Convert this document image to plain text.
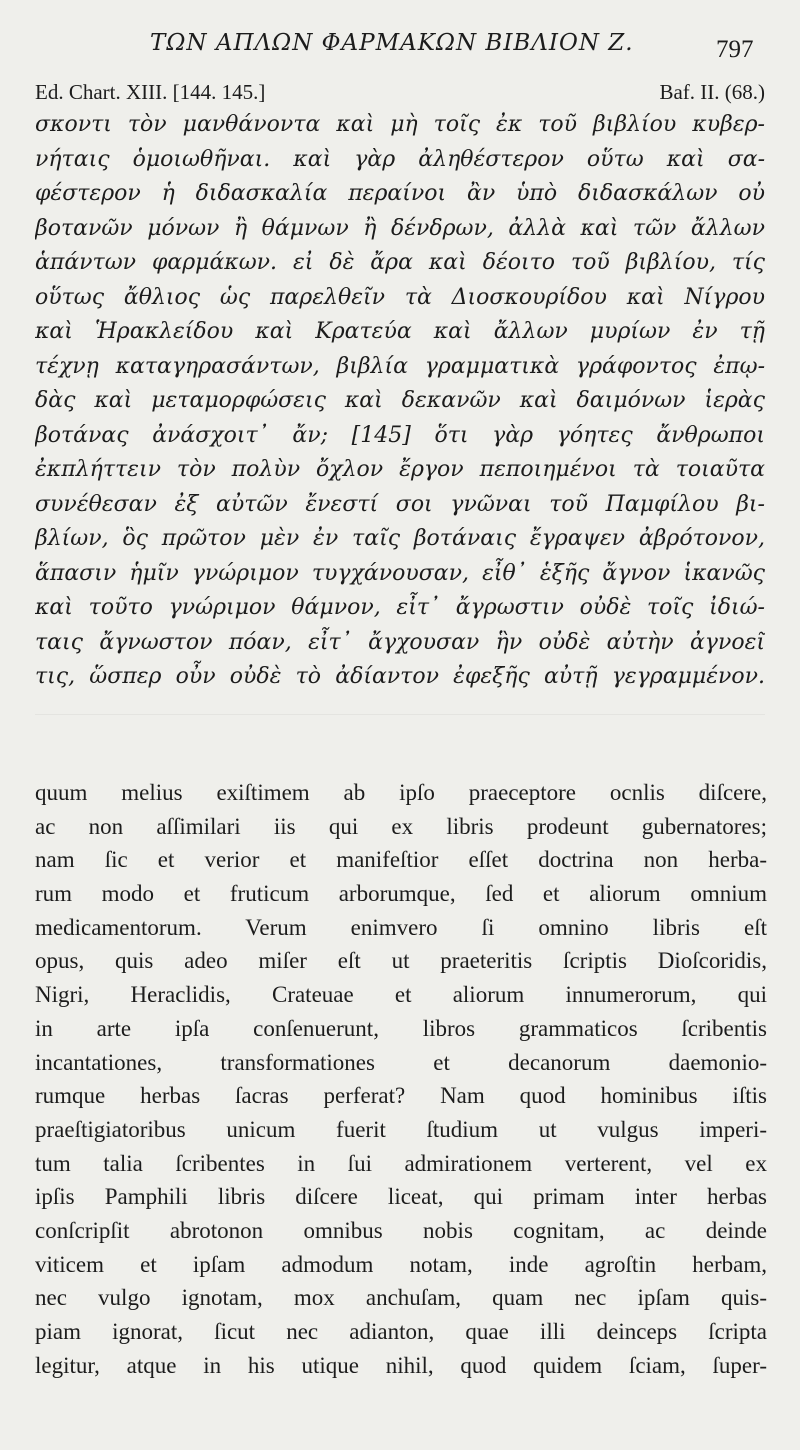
ΤΩΝ ΑΠΛΩΝ ΦΑΡΜΑΚΩΝ ΒΙΒΛΙΟΝ Ζ.	797
Ed. Chart. XIII. [144. 145.]	Baf. II. (68.)
σκοντι τὸν μανθάνοντα καὶ μὴ τοῖς ἐκ τοῦ βιβλίου κυβερ-
νήταις ὁμοιωθῆναι. καὶ γὰρ ἀληθέστερον οὕτω καὶ σα-
φέστερον ἡ διδασκαλία περαίνοι ἂν ὑπὸ διδασκάλων οὐ
βοτανῶν μόνων ἢ θάμνων ἢ δένδρων, ἀλλὰ καὶ τῶν ἄλλων
ἁπάντων φαρμάκων. εἰ δὲ ἄρα καὶ δέοιτο τοῦ βιβλίου, τίς
οὕτως ἄθλιος ὡς παρελθεῖν τὰ Διοσκουρίδου καὶ Νίγρου
καὶ Ἡρακλείδου καὶ Κρατεύα καὶ ἄλλων μυρίων ἐν τῇ
τέχνῃ καταγηρασάντων, βιβλία γραμματικὰ γράφοντος ἐπῳ-
δὰς καὶ μεταμορφώσεις καὶ δεκανῶν καὶ δαιμόνων ἱερὰς
βοτάνας ἀνάσχοιτ᾽ ἄν; [145] ὅτι γὰρ γόητες ἄνθρωποι
ἐκπλήττειν τὸν πολὺν ὄχλον ἔργον πεποιημένοι τὰ τοιαῦτα
συνέθεσαν ἐξ αὐτῶν ἔνεστί σοι γνῶναι τοῦ Παμφίλου βι-
βλίων, ὃς πρῶτον μὲν ἐν ταῖς βοτάναις ἔγραψεν ἀβρότονον,
ἅπασιν ἡμῖν γνώριμον τυγχάνουσαν, εἶθ᾽ ἑξῆς ἄγνον ἱκανῶς
καὶ τοῦτο γνώριμον θάμνον, εἶτ᾽ ἄγρωστιν οὐδὲ τοῖς ἰδιώ-
ταις ἄγνωστον πόαν, εἶτ᾽ ἄγχουσαν ἣν οὐδὲ αὐτὴν ἀγνοεῖ
τις, ὥσπερ οὖν οὐδὲ τὸ ἀδίαντον ἐφεξῆς αὐτῇ γεγραμμένον.
quum melius exiſtimem ab ipſo praeceptore ocnlis diſcere,
ac non aſſimilari iis qui ex libris prodeunt gubernatores;
nam ſic et verior et manifeſtior eſſet doctrina non herba-
rum modo et fruticum arborumque, ſed et aliorum omnium
medicamentorum. Verum enimvero ſi omnino libris eſt
opus, quis adeo miſer eſt ut praeteritis ſcriptis Dioſcoridis,
Nigri, Heraclidis, Crateuae et aliorum innumerorum, qui
in arte ipſa conſenuerunt, libros grammaticos ſcribentis
incantationes, transformationes et decanorum daemonio-
rumque herbas ſacras perferat? Nam quod hominibus iſtis
praeſtigiatoribus unicum fuerit ſtudium ut vulgus imperi-
tum talia ſcribentes in ſui admirationem verterent, vel ex
ipſis Pamphili libris diſcere liceat, qui primam inter herbas
conſcripſit abrotonon omnibus nobis cognitam, ac deinde
viticem et ipſam admodum notam, inde agroſtin herbam,
nec vulgo ignotam, mox anchuſam, quam nec ipſam quis-
piam ignorat, ſicut nec adianton, quae illi deinceps ſcripta
legitur, atque in his utique nihil, quod quidem ſciam, ſuper-
